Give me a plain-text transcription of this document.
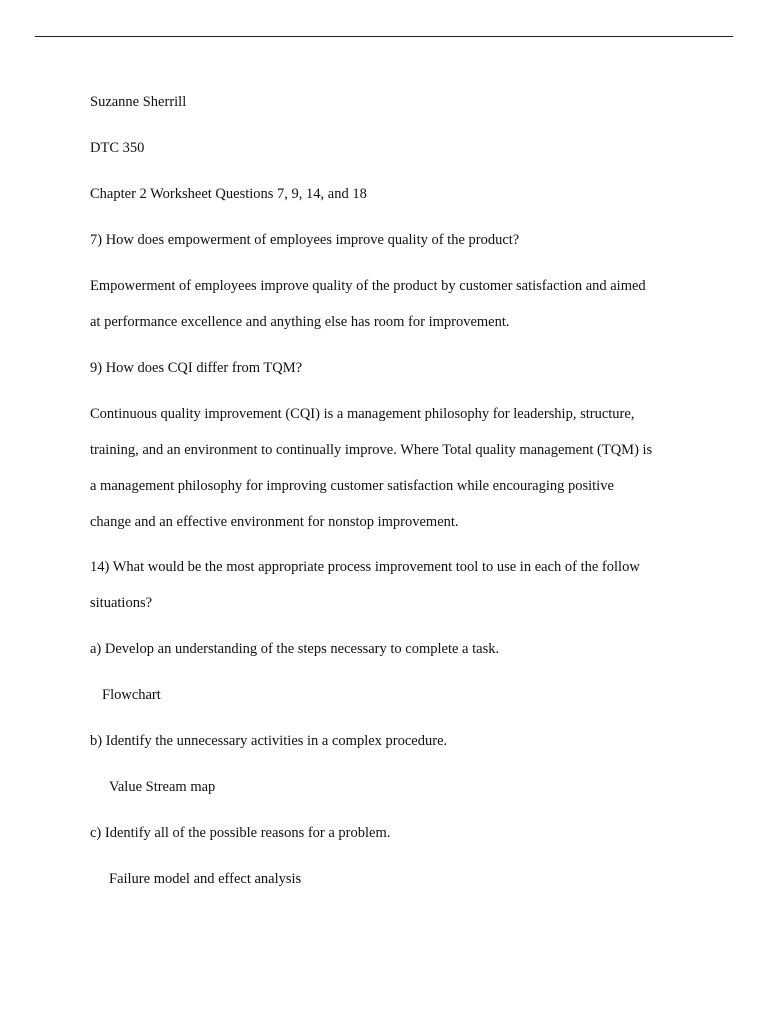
Suzanne Sherrill
DTC 350
Chapter 2 Worksheet Questions 7, 9, 14, and 18
7) How does empowerment of employees improve quality of the product?
Empowerment of employees improve quality of the product by customer satisfaction and aimed
at performance excellence and anything else has room for improvement.
9) How does CQI differ from TQM?
Continuous quality improvement (CQI) is a management philosophy for leadership, structure,
training, and an environment to continually improve. Where Total quality management (TQM) is
a management philosophy for improving customer satisfaction while encouraging positive
change and an effective environment for nonstop improvement.
14) What would be the most appropriate process improvement tool to use in each of the follow
situations?
a) Develop an understanding of the steps necessary to complete a task.
Flowchart
b) Identify the unnecessary activities in a complex procedure.
Value Stream map
c) Identify all of the possible reasons for a problem.
Failure model and effect analysis
